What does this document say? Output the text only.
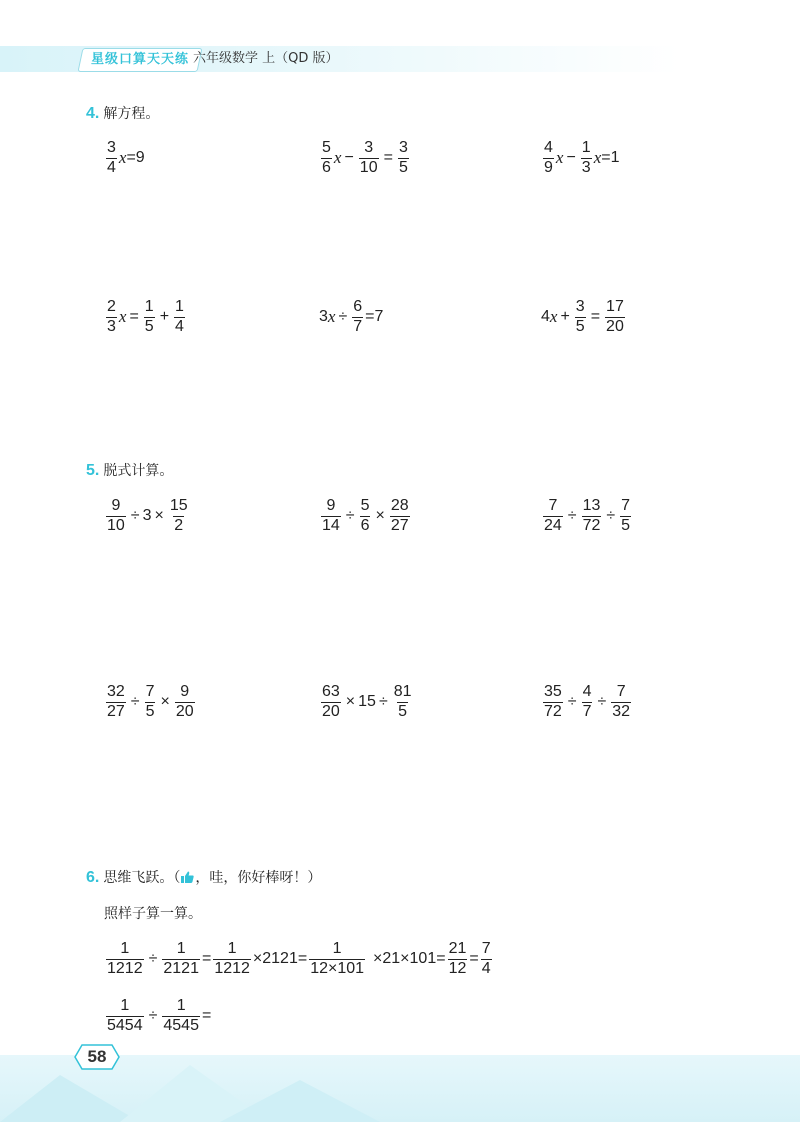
星级口算天天练 六年级数学 上（QD 版）
4. 解方程。
$\frac{3}{4}$ x =9	$\frac{5}{6}$ $x - \frac{3}{10} = \frac{3}{5}$	$\frac{4}{9}$ $x - \frac{1}{3}$ x =1
$\frac{2}{3}$ $x = \frac{1}{5} + \frac{1}{4}$	3 $x \div \frac{6}{7} =7$	4 $x + \frac{3}{5} = \frac{17}{20}$
5. 脱式计算。
$\frac{9}{10} \div 3 \times \frac{15}{2}$	$\frac{9}{14} \div \frac{5}{6} \times \frac{28}{27}$	$\frac{7}{24} \div \frac{13}{72} \div \frac{7}{5}$
$\frac{32}{27} \div \frac{7}{5} \times \frac{9}{20}$	$\frac{63}{20} \times 15 \div \frac{81}{5}$	$\frac{35}{72} \div \frac{4}{7} \div \frac{7}{32}$
6. 思维飞跃。（ ，哇，你好棒呀！）
照样子算一算。
$\frac{1}{1212} \div \frac{1}{2121} = \frac{1}{1212} \times 2121= \frac{1}{12\times 101} \times 21\times 101= \frac{21}{12} = \frac{7}{4}$
$\frac{1}{5454} \div \frac{1}{4545}$ =
58
